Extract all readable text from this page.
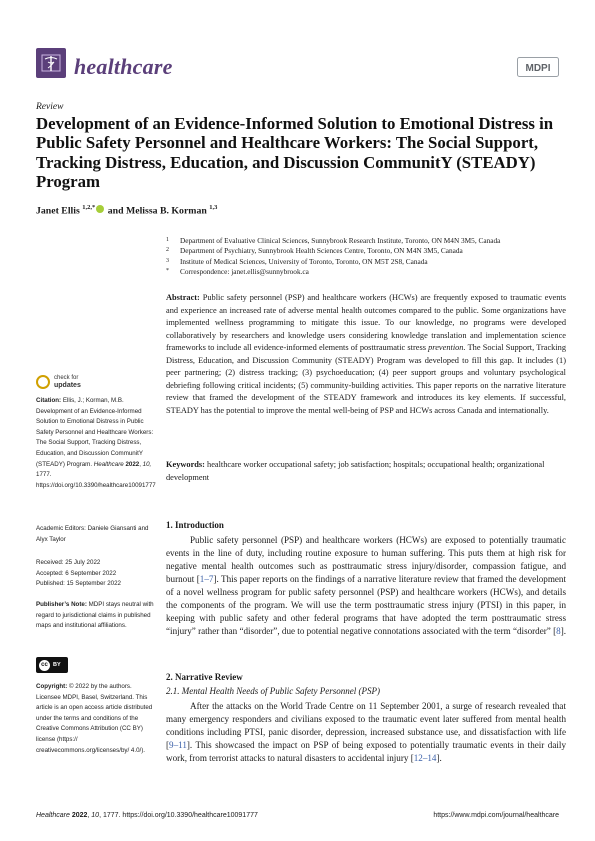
healthcare	MDPI
Review
Development of an Evidence-Informed Solution to Emotional Distress in Public Safety Personnel and Healthcare Workers: The Social Support, Tracking Distress, Education, and Discussion CommunitY (STEADY) Program
Janet Ellis $^{1,2,*}$ and Melissa B. Korman $^{1,3}$
1 Department of Evaluative Clinical Sciences, Sunnybrook Research Institute, Toronto, ON M4N 3M5, Canada
2 Department of Psychiatry, Sunnybrook Health Sciences Centre, Toronto, ON M4N 3M5, Canada
3 Institute of Medical Sciences, University of Toronto, Toronto, ON M5T 2S8, Canada
* Correspondence: janet.ellis@sunnybrook.ca
Abstract: Public safety personnel (PSP) and healthcare workers (HCWs) are frequently exposed to traumatic events and experience an increased rate of adverse mental health outcomes compared to the public. Some organizations have implemented wellness programming to mitigate this issue. To our knowledge, no programs were developed collaboratively by researchers and knowledge users considering knowledge translation and implementation science frameworks to include all evidence-informed elements of posttraumatic stress prevention. The Social Support, Tracking Distress, Education, and Discussion Community (STEADY) Program was developed to fill this gap. It includes (1) peer partnering; (2) distress tracking; (3) psychoeducation; (4) peer support groups and voluntary psychological debriefing following critical incidents; (5) community-building activities. This paper reports on the narrative literature review that framed the development of the STEADY framework and introduces its key elements. If successful, STEADY has the potential to improve the mental well-being of PSP and HCWs across Canada and internationally.
Keywords: healthcare worker occupational safety; job satisfaction; hospitals; occupational health; organizational development
check for
updates
Citation: Ellis, J.; Korman, M.B. Development of an Evidence-Informed Solution to Emotional Distress in Public Safety Personnel and Healthcare Workers: The Social Support, Tracking Distress, Education, and Discussion CommunitY (STEADY) Program. Healthcare 2022, 10, 1777. https://doi.org/10.3390/healthcare10091777
Academic Editors: Daniele Giansanti and Alyx Taylor
Received: 25 July 2022
Accepted: 6 September 2022
Published: 15 September 2022
Publisher’s Note: MDPI stays neutral with regard to jurisdictional claims in published maps and institutional affiliations.
cc BY
Copyright: © 2022 by the authors. Licensee MDPI, Basel, Switzerland. This article is an open access article distributed under the terms and conditions of the Creative Commons Attribution (CC BY) license (https:// creativecommons.org/licenses/by/ 4.0/).
1. Introduction
Public safety personnel (PSP) and healthcare workers (HCWs) are exposed to potentially traumatic events in the line of duty, including routine exposure to human suffering. This puts them at high risk for negative mental health outcomes such as posttraumatic stress injury/disorder, compassion fatigue, and burnout [1–7]. This paper reports on the findings of a narrative literature review that framed the development of a novel wellness program for public safety personnel (PSP) and healthcare workers (HCWs), and details the components of the program. We will use the term posttraumatic stress injury (PTSI) in this paper, in keeping with public safety and other federal programs that have adopted the term posttraumatic stress “injury” rather than “disorder”, due to potential negative connotations associated with the term “disorder” [8].
2. Narrative Review
2.1. Mental Health Needs of Public Safety Personnel (PSP)
After the attacks on the World Trade Centre on 11 September 2001, a surge of research revealed that many emergency responders and civilians exposed to the traumatic event later suffered from mental health conditions including PTSI, panic disorder, depression, increased substance use, and dissatisfaction with life [9–11]. This showcased the impact on PSP of being exposed to potentially traumatic events in their daily work, from terrorist attacks to natural disasters to accidental injury [12–14].
Healthcare 2022, 10, 1777. https://doi.org/10.3390/healthcare10091777	https://www.mdpi.com/journal/healthcare
